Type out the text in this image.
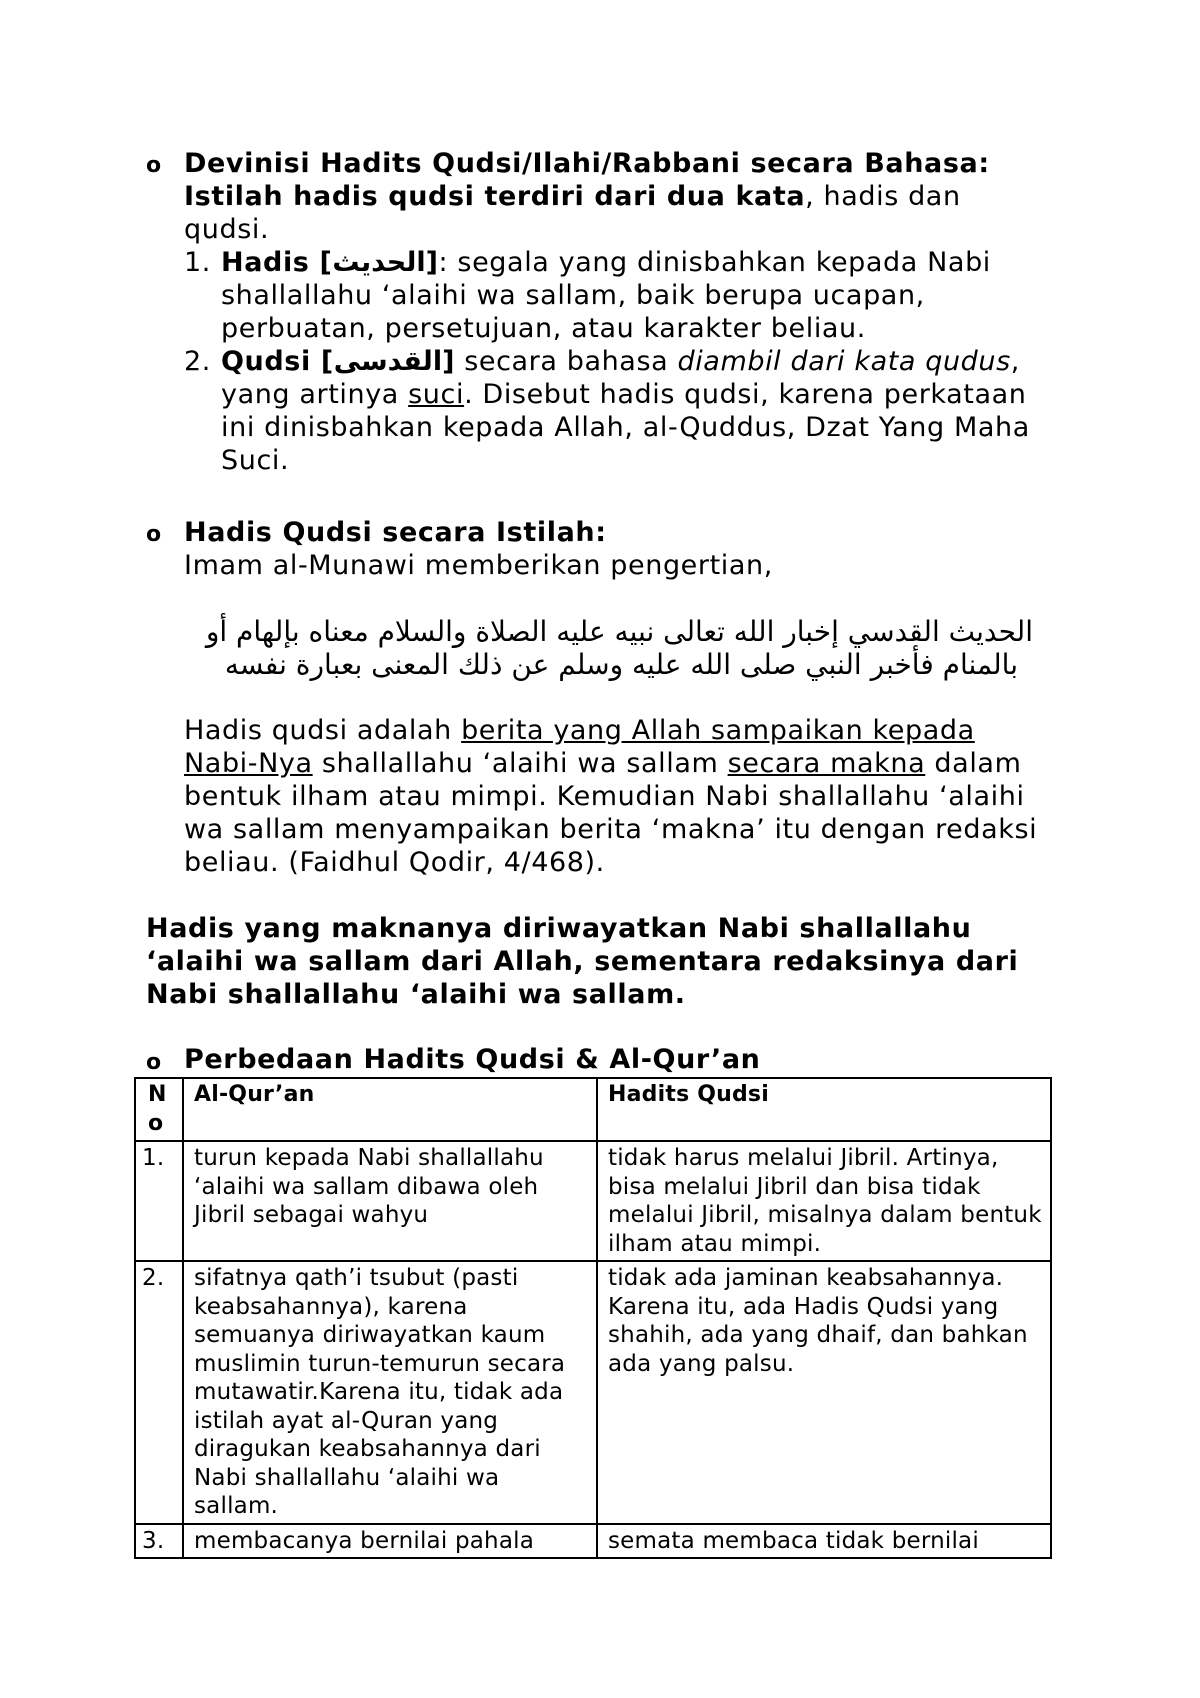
o Devinisi Hadits Qudsi/Ilahi/Rabbani secara Bahasa:
Istilah hadis qudsi terdiri dari dua kata, hadis dan
qudsi.
1. Hadis [الحديث]: segala yang dinisbahkan kepada Nabi
shallallahu ‘alaihi wa sallam, baik berupa ucapan,
perbuatan, persetujuan, atau karakter beliau.
2. Qudsi [القدسى] secara bahasa diambil dari kata qudus,
yang artinya suci. Disebut hadis qudsi, karena perkataan
ini dinisbahkan kepada Allah, al-Quddus, Dzat Yang Maha
Suci.
o Hadis Qudsi secara Istilah:
Imam al-Munawi memberikan pengertian,
الحديث القدسي إخبار الله تعالى نبيه عليه الصلاة والسلام معناه بإلهام أو
بالمنام فأخبر النبي صلى الله عليه وسلم عن ذلك المعنى بعبارة نفسه
Hadis qudsi adalah berita yang Allah sampaikan kepada
Nabi-Nya shallallahu ‘alaihi wa sallam secara makna dalam
bentuk ilham atau mimpi. Kemudian Nabi shallallahu ‘alaihi
wa sallam menyampaikan berita ‘makna’ itu dengan redaksi
beliau. (Faidhul Qodir, 4/468).
Hadis yang maknanya diriwayatkan Nabi shallallahu
‘alaihi wa sallam dari Allah, sementara redaksinya dari
Nabi shallallahu ‘alaihi wa sallam.
o Perbedaan Hadits Qudsi & Al-Qur’an
N o	Al-Qur’an	Hadits Qudsi
1.	turun kepada Nabi shallallahu ‘alaihi wa sallam dibawa oleh Jibril sebagai wahyu	tidak harus melalui Jibril. Artinya, bisa melalui Jibril dan bisa tidak melalui Jibril, misalnya dalam bentuk ilham atau mimpi.
2.	sifatnya qath’i tsubut (pasti keabsahannya), karena semuanya diriwayatkan kaum muslimin turun-temurun secara mutawatir.Karena itu, tidak ada istilah ayat al-Quran yang diragukan keabsahannya dari Nabi shallallahu ‘alaihi wa sallam.	tidak ada jaminan keabsahannya. Karena itu, ada Hadis Qudsi yang shahih, ada yang dhaif, dan bahkan ada yang palsu.
3.	membacanya bernilai pahala	semata membaca tidak bernilai
